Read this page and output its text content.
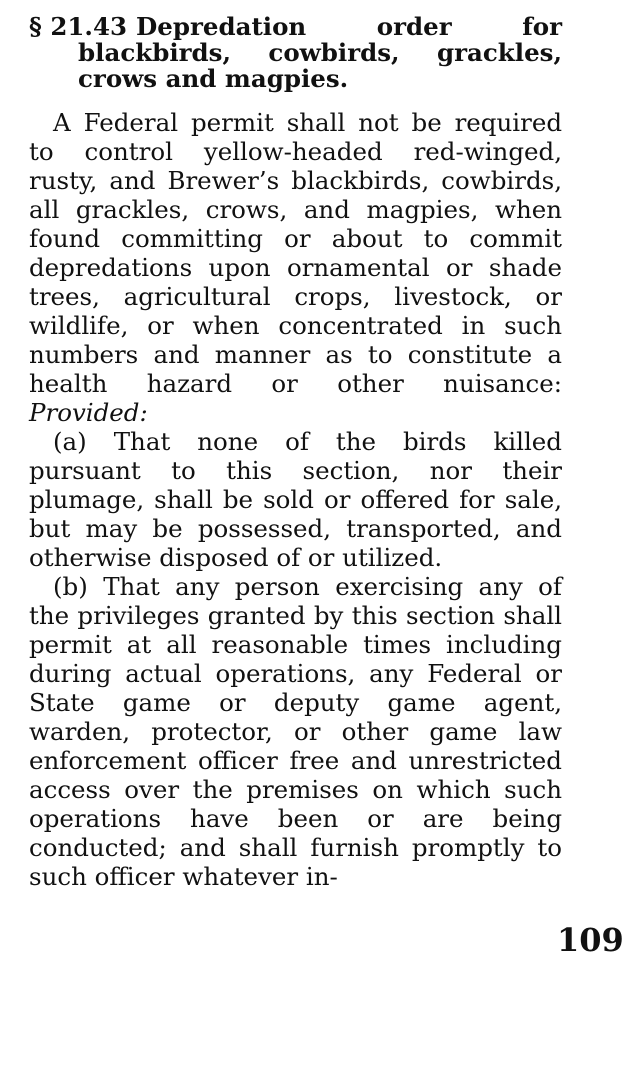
§ 21.43 Depredation order for blackbirds, cowbirds, grackles, crows and magpies.

A Federal permit shall not be required to control yellow-headed red-winged, rusty, and Brewer’s blackbirds, cowbirds, all grackles, crows, and magpies, when found committing or about to commit depredations upon ornamental or shade trees, agricultural crops, livestock, or wildlife, or when concentrated in such numbers and manner as to constitute a health hazard or other nuisance: Provided:

(a) That none of the birds killed pursuant to this section, nor their plumage, shall be sold or offered for sale, but may be possessed, transported, and otherwise disposed of or utilized.

(b) That any person exercising any of the privileges granted by this section shall permit at all reasonable times including during actual operations, any Federal or State game or deputy game agent, warden, protector, or other game law enforcement officer free and unrestricted access over the premises on which such operations have been or are being conducted; and shall furnish promptly to such officer whatever in-

109
